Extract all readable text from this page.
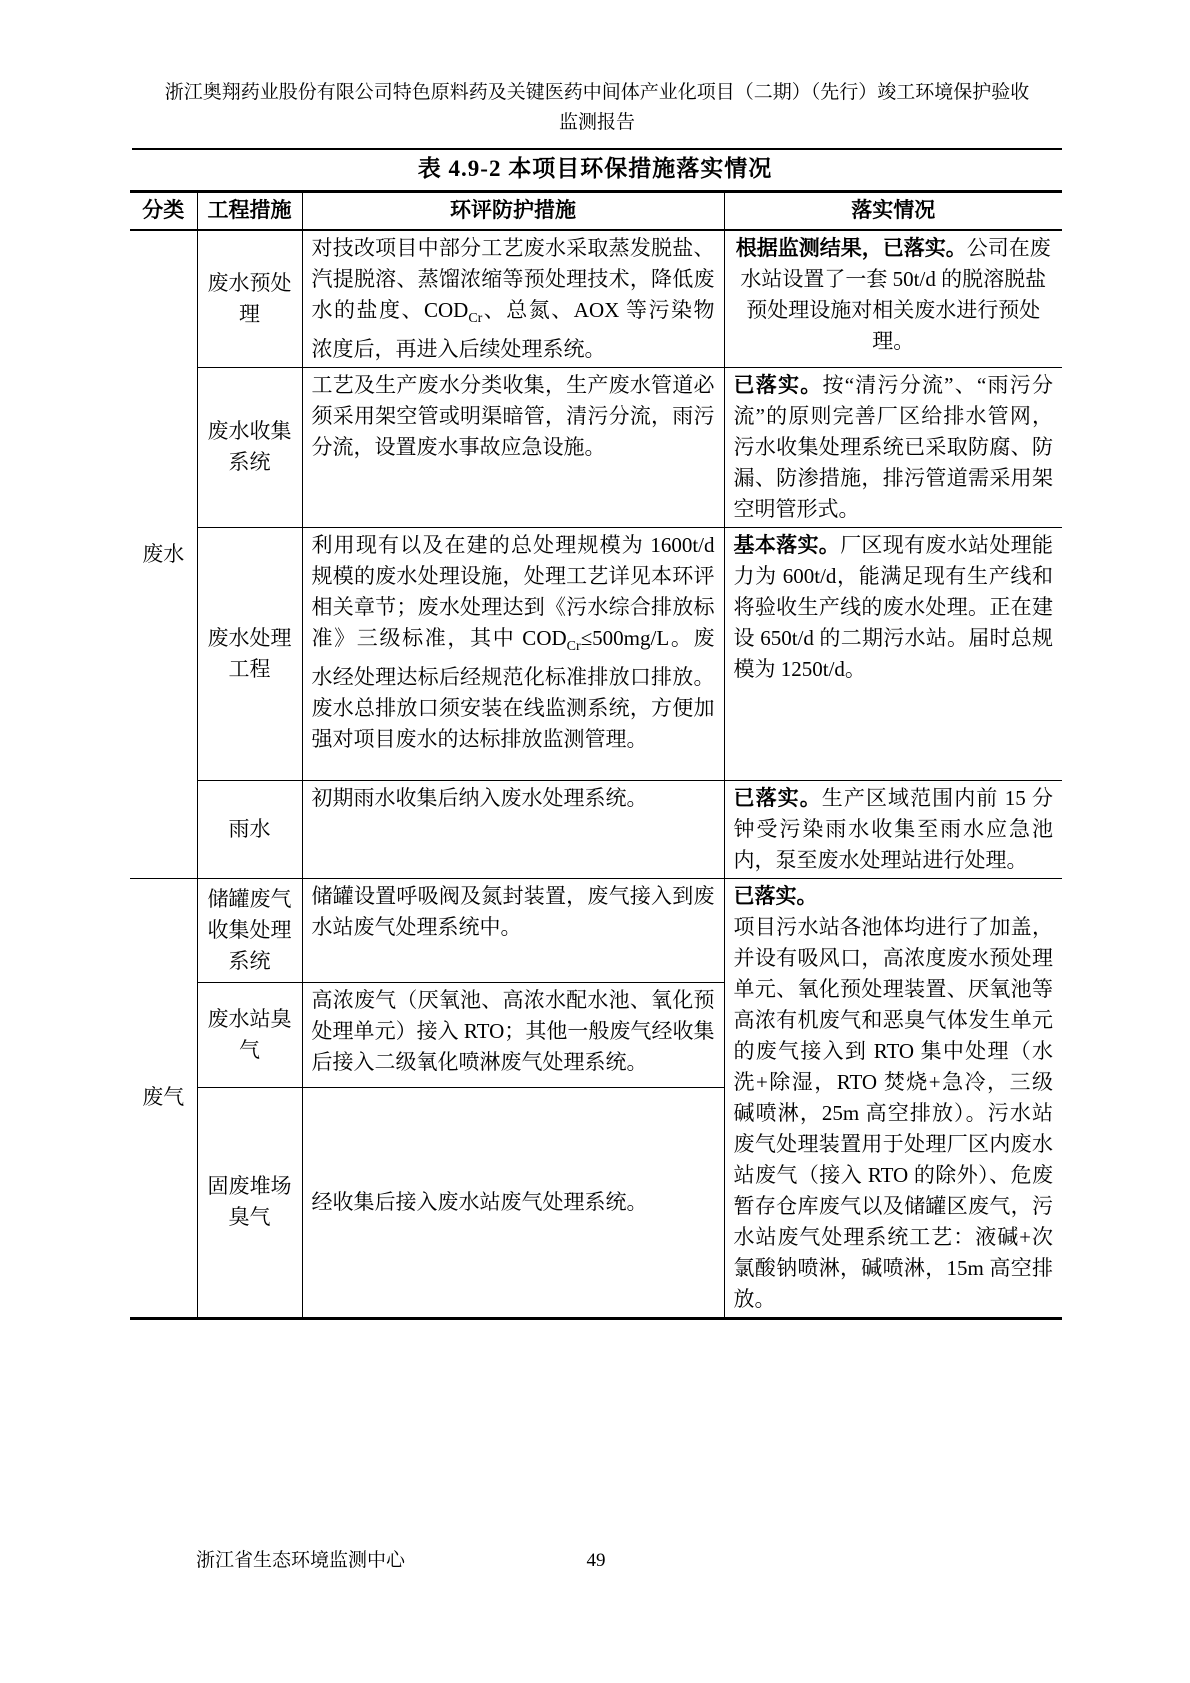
浙江奥翔药业股份有限公司特色原料药及关键医药中间体产业化项目（二期）（先行）竣工环境保护验收
监测报告
表 4.9-2 本项目环保措施落实情况
分类	工程措施	环评防护措施	落实情况
废水	废水预处理	对技改项目中部分工艺废水采取蒸发脱盐、汽提脱溶、蒸馏浓缩等预处理技术，降低废水的盐度、$COD_{Cr}$、总氮、AOX 等污染物浓度后，再进入后续处理系统。	根据监测结果，已落实。公司在废水站设置了一套 50t/d 的脱溶脱盐预处理设施对相关废水进行预处理。
	废水收集系统	工艺及生产废水分类收集，生产废水管道必须采用架空管或明渠暗管，清污分流，雨污分流，设置废水事故应急设施。	已落实。按“清污分流”、“雨污分流”的原则完善厂区给排水管网，污水收集处理系统已采取防腐、防漏、防渗措施，排污管道需采用架空明管形式。
	废水处理工程	利用现有以及在建的总处理规模为 1600t/d 规模的废水处理设施，处理工艺详见本环评相关章节；废水处理达到《污水综合排放标准》三级标准，其中 $COD_{Cr}\le 500mg/L$。废水经处理达标后经规范化标准排放口排放。废水总排放口须安装在线监测系统，方便加强对项目废水的达标排放监测管理。	基本落实。厂区现有废水站处理能力为 600t/d，能满足现有生产线和将验收生产线的废水处理。正在建设 650t/d 的二期污水站。届时总规模为 1250t/d。
	雨水	初期雨水收集后纳入废水处理系统。	已落实。生产区域范围内前 15 分钟受污染雨水收集至雨水应急池内，泵至废水处理站进行处理。
废气	储罐废气收集处理系统	储罐设置呼吸阀及氮封装置，废气接入到废水站废气处理系统中。	已落实。
项目污水站各池体均进行了加盖，并设有吸风口，高浓度废水预处理单元、氧化预处理装置、厌氧池等高浓有机废气和恶臭气体发生单元的废气接入到 RTO 集中处理（水洗+除湿，RTO 焚烧+急冷，三级碱喷淋，25m 高空排放）。污水站废气处理装置用于处理厂区内废水站废气（接入 RTO 的除外）、危废暂存仓库废气以及储罐区废气，污水站废气处理系统工艺：液碱+次氯酸钠喷淋，碱喷淋，15m 高空排放。
	废水站臭气	高浓废气（厌氧池、高浓水配水池、氧化预处理单元）接入 RTO；其他一般废气经收集后接入二级氧化喷淋废气处理系统。	
	固废堆场臭气	经收集后接入废水站废气处理系统。	
49
浙江省生态环境监测中心
